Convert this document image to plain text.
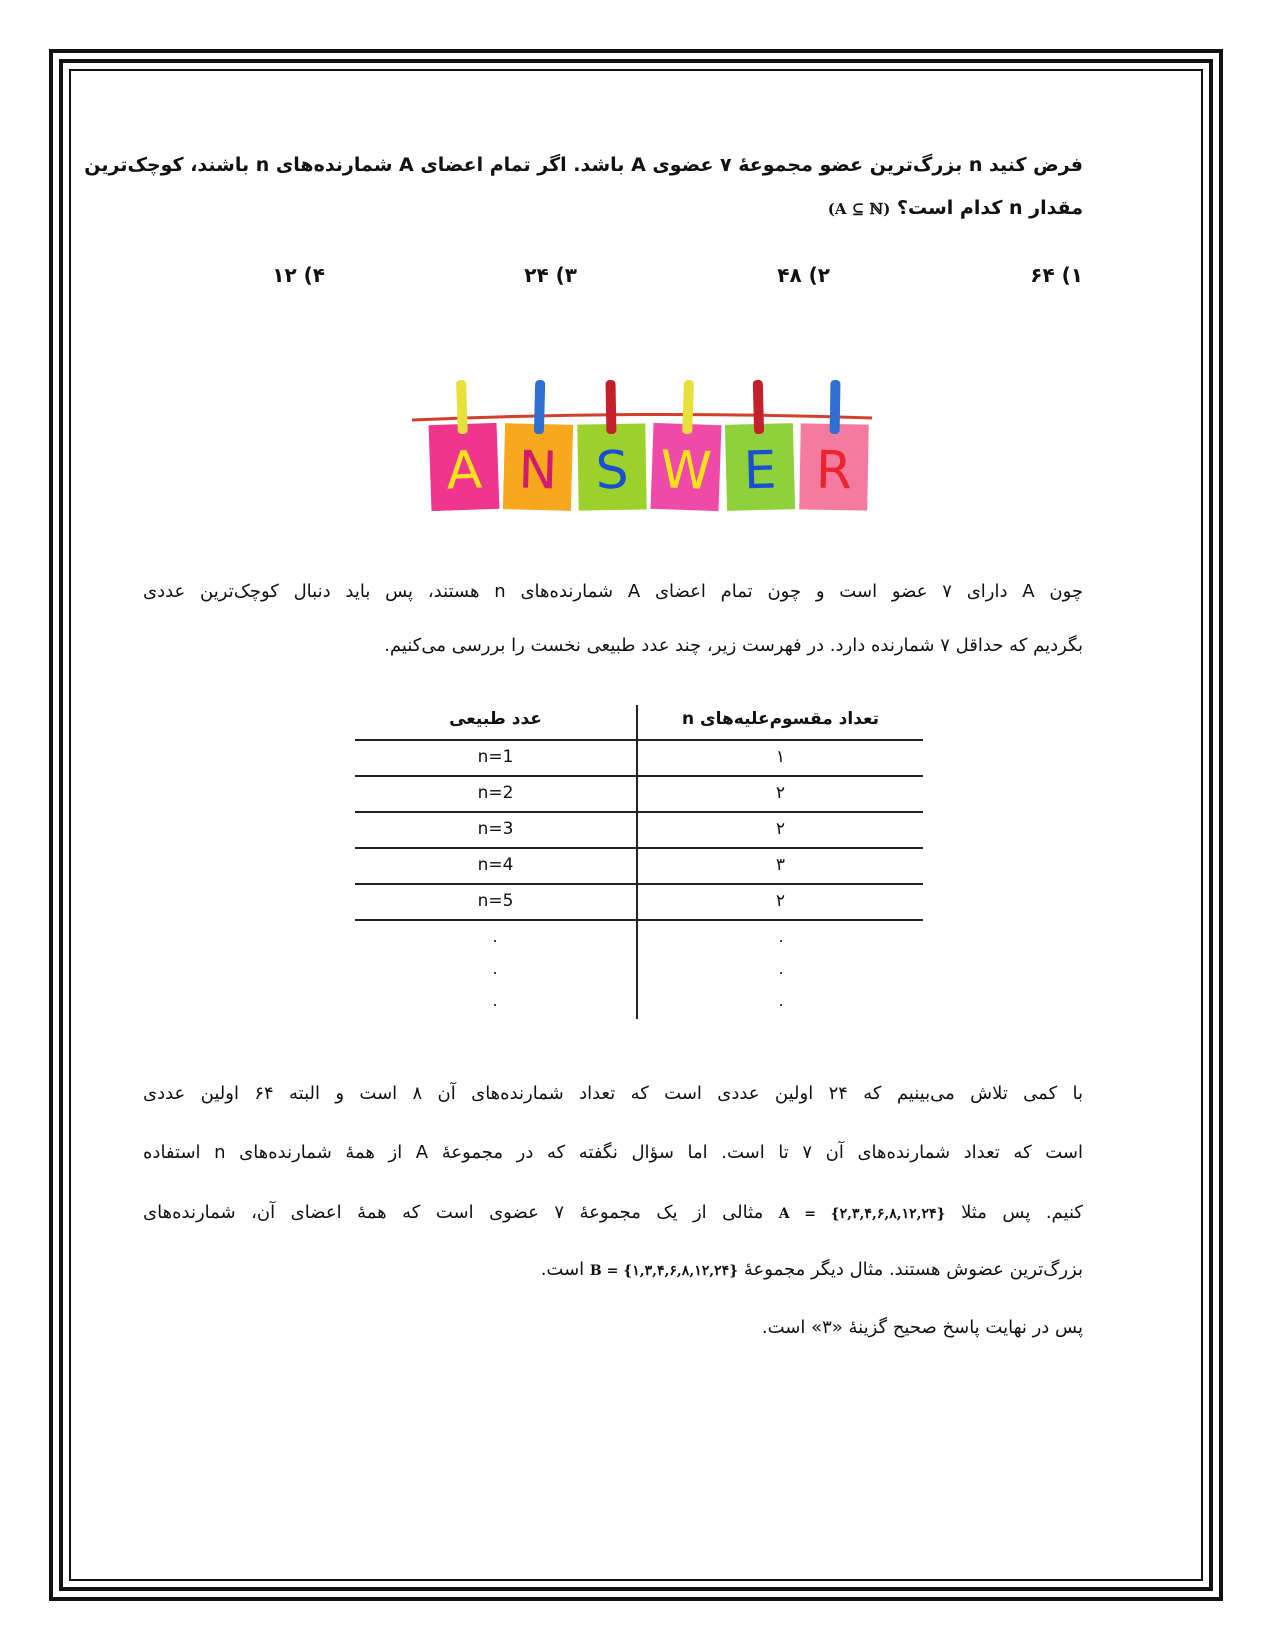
فرض کنید n بزرگ‌ترین عضو مجموعهٔ ۷ عضوی A باشد. اگر تمام اعضای A شمارنده‌های n باشند، کوچک‌ترین
مقدار n کدام است؟ (A ⊆ ℕ)
۱) ۶۴
۲) ۴۸
۳) ۲۴
۴) ۱۲
A N S W E R
چون A دارای ۷ عضو است و چون تمام اعضای A شمارنده‌های n هستند، پس باید دنبال کوچک‌ترین عددی
بگردیم که حداقل ۷ شمارنده دارد. در فهرست زیر، چند عدد طبیعی نخست را بررسی می‌کنیم.
عدد طبیعی	تعداد مقسوم‌علیه‌های n
n=1	۱
n=2	۲
n=3	۲
n=4	۳
n=5	۲
.
.
.
.
.
.
با کمی تلاش می‌بینیم که ۲۴ اولین عددی است که تعداد شمارنده‌های آن ۸ است و البته ۶۴ اولین عددی
است که تعداد شمارنده‌های آن ۷ تا است. اما سؤال نگفته که در مجموعهٔ A از همهٔ شمارنده‌های n استفاده
کنیم. پس مثلا A = {۲,۳,۴,۶,۸,۱۲,۲۴} مثالی از یک مجموعهٔ ۷ عضوی است که همهٔ اعضای آن، شمارنده‌های
بزرگ‌ترین عضوش هستند. مثال دیگر مجموعهٔ B = {۱,۳,۴,۶,۸,۱۲,۲۴} است.
پس در نهایت پاسخ صحیح گزینهٔ «۳» است.
